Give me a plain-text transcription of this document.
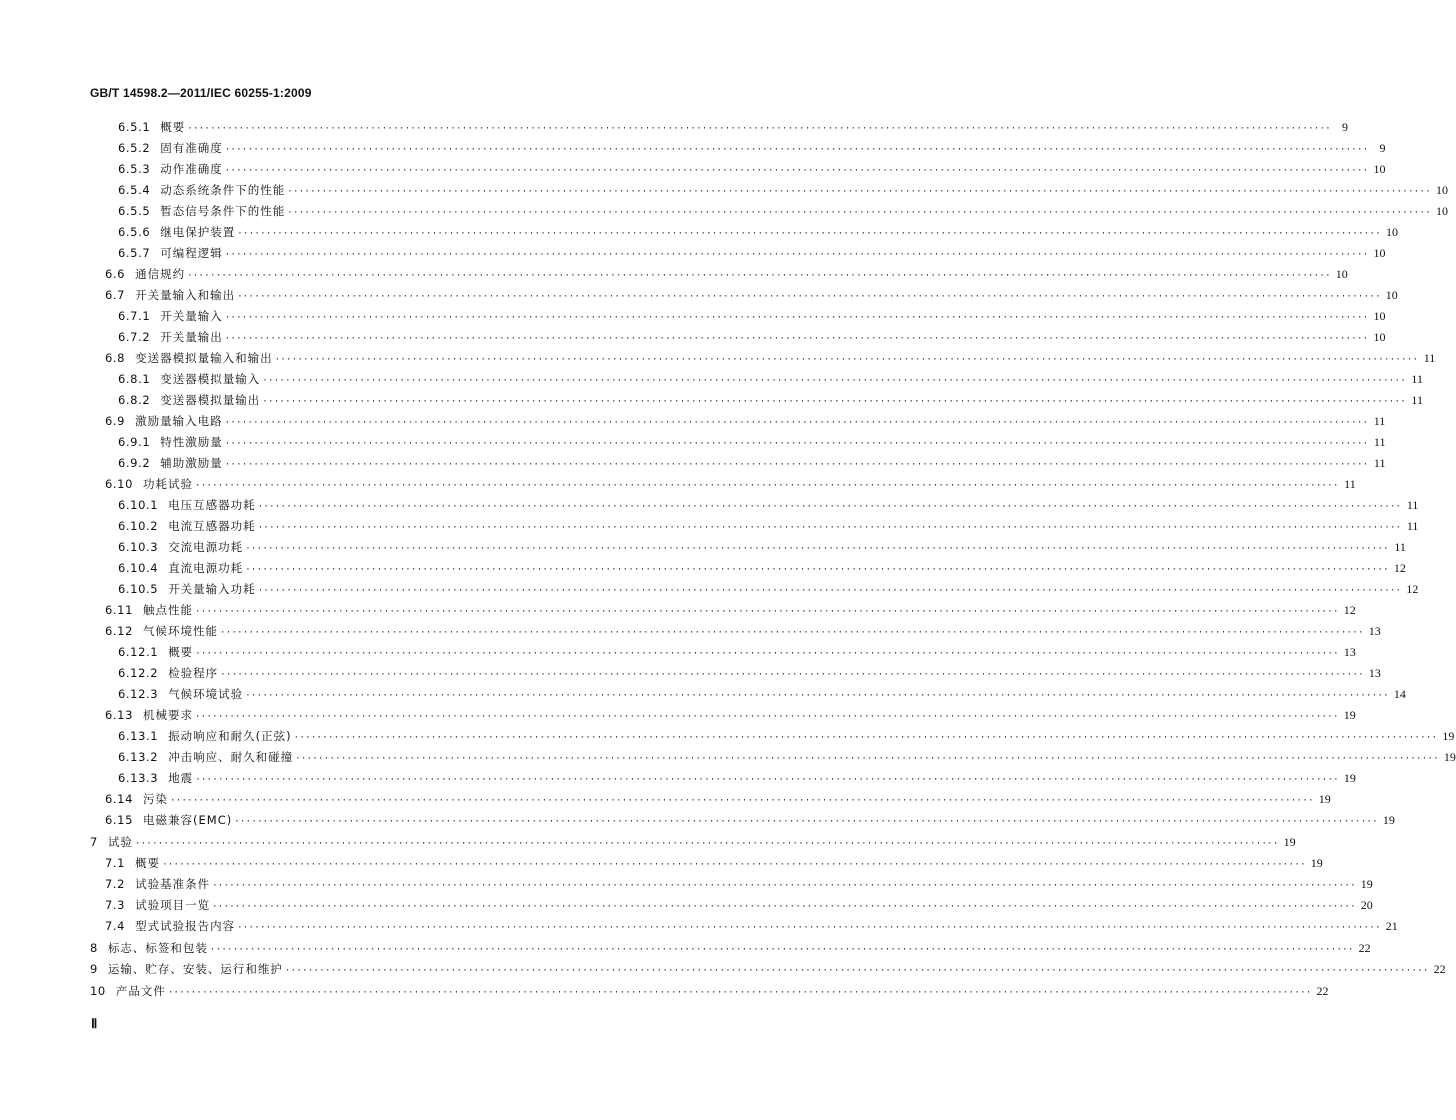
GB/T 14598.2—2011/IEC 60255-1:2009
6.5.1 概要 ········································································································································································································ 9
6.5.2 固有准确度 ········································································································································································································ 9
6.5.3 动作准确度 ········································································································································································································ 10
6.5.4 动态系统条件下的性能 ········································································································································································································ 10
6.5.5 暂态信号条件下的性能 ········································································································································································································ 10
6.5.6 继电保护装置 ········································································································································································································ 10
6.5.7 可编程逻辑 ········································································································································································································ 10
6.6 通信规约 ········································································································································································································ 10
6.7 开关量输入和输出 ········································································································································································································ 10
6.7.1 开关量输入 ········································································································································································································ 10
6.7.2 开关量输出 ········································································································································································································ 10
6.8 变送器模拟量输入和输出 ········································································································································································································ 11
6.8.1 变送器模拟量输入 ········································································································································································································ 11
6.8.2 变送器模拟量输出 ········································································································································································································ 11
6.9 激励量输入电路 ········································································································································································································ 11
6.9.1 特性激励量 ········································································································································································································ 11
6.9.2 辅助激励量 ········································································································································································································ 11
6.10 功耗试验 ········································································································································································································ 11
6.10.1 电压互感器功耗 ········································································································································································································ 11
6.10.2 电流互感器功耗 ········································································································································································································ 11
6.10.3 交流电源功耗 ········································································································································································································ 11
6.10.4 直流电源功耗 ········································································································································································································ 12
6.10.5 开关量输入功耗 ········································································································································································································ 12
6.11 触点性能 ········································································································································································································ 12
6.12 气候环境性能 ········································································································································································································ 13
6.12.1 概要 ········································································································································································································ 13
6.12.2 检验程序 ········································································································································································································ 13
6.12.3 气候环境试验 ········································································································································································································ 14
6.13 机械要求 ········································································································································································································ 19
6.13.1 振动响应和耐久(正弦) ········································································································································································································ 19
6.13.2 冲击响应、耐久和碰撞 ········································································································································································································ 19
6.13.3 地震 ········································································································································································································ 19
6.14 污染 ········································································································································································································ 19
6.15 电磁兼容(EMC) ········································································································································································································ 19
7 试验 ········································································································································································································ 19
7.1 概要 ········································································································································································································ 19
7.2 试验基准条件 ········································································································································································································ 19
7.3 试验项目一览 ········································································································································································································ 20
7.4 型式试验报告内容 ········································································································································································································ 21
8 标志、标签和包装 ········································································································································································································ 22
9 运输、贮存、安装、运行和维护 ········································································································································································································ 22
10 产品文件 ········································································································································································································ 22
Ⅱ
